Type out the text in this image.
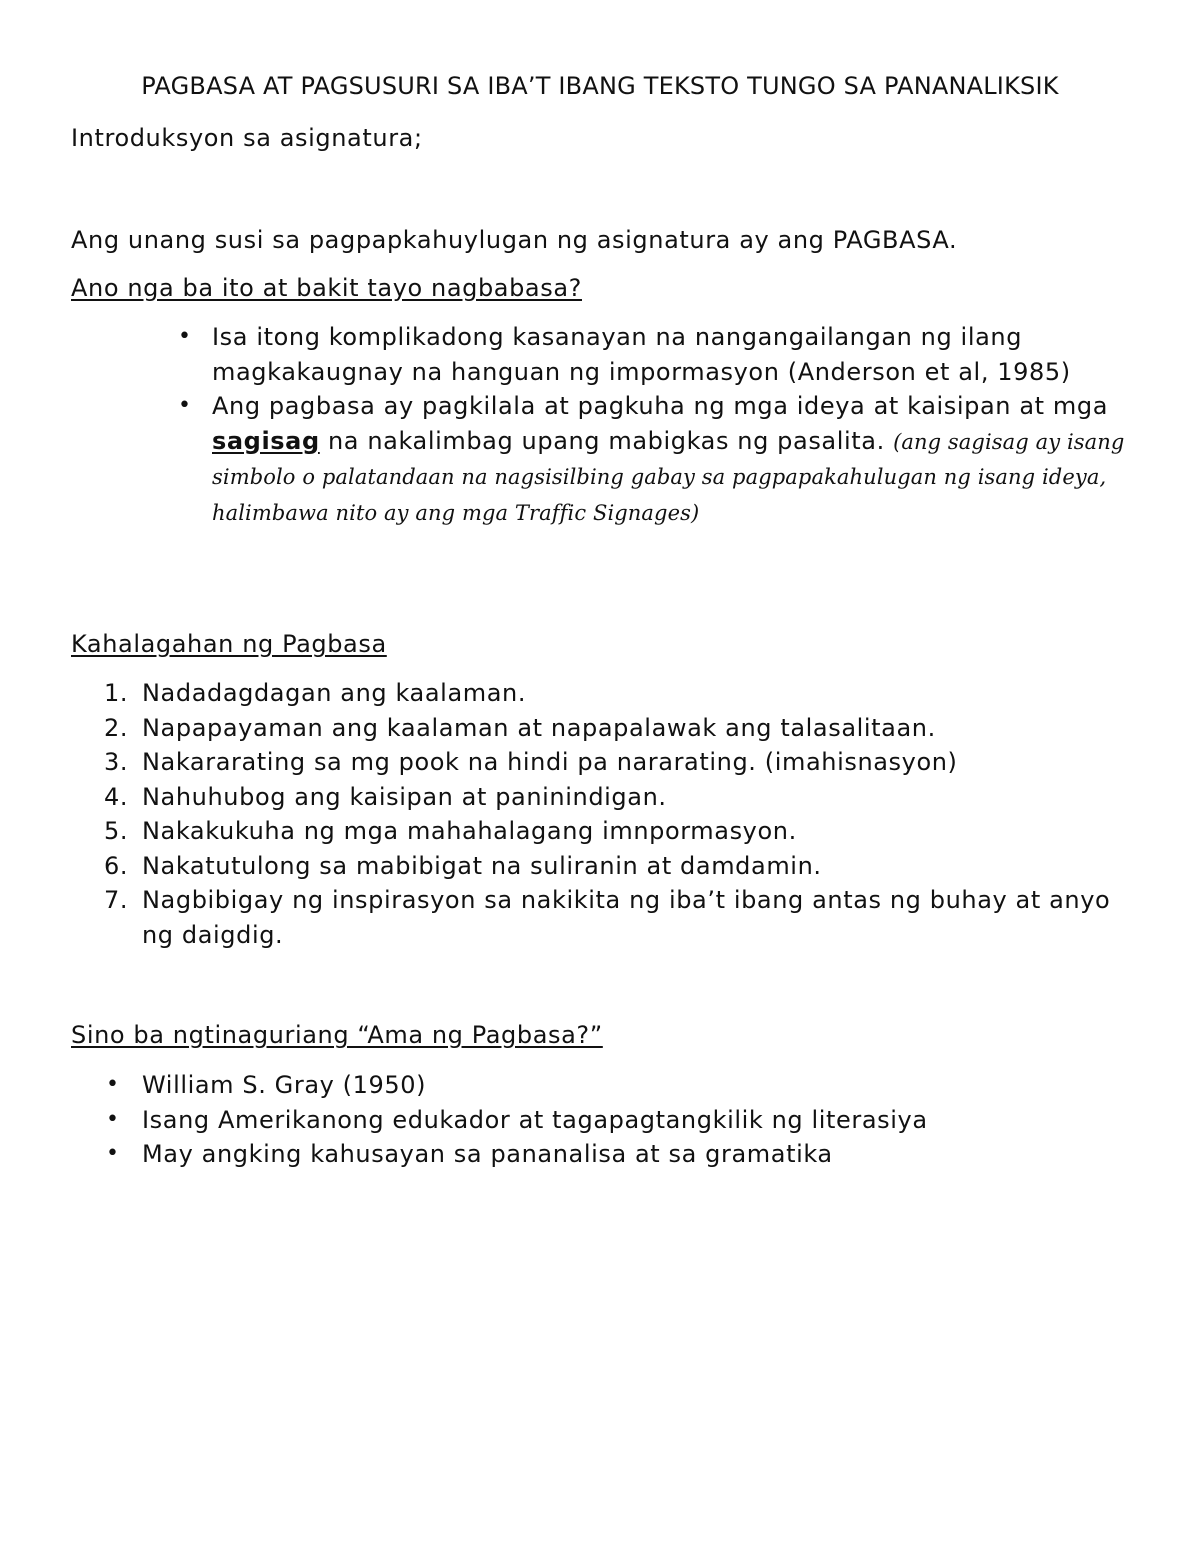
PAGBASA AT PAGSUSURI SA IBA’T IBANG TEKSTO TUNGO SA PANANALIKSIK
Introduksyon sa asignatura;
Ang unang susi sa pagpapkahuylugan ng asignatura ay ang PAGBASA.
Ano nga ba ito at bakit tayo nagbabasa?
• Isa itong komplikadong kasanayan na nangangailangan ng ilang magkakaugnay na hanguan ng impormasyon (Anderson et al, 1985)
• Ang pagbasa ay pagkilala at pagkuha ng mga ideya at kaisipan at mga sagisag na nakalimbag upang mabigkas ng pasalita. (ang sagisag ay isang simbolo o palatandaan na nagsisilbing gabay sa pagpapakahulugan ng isang ideya, halimbawa nito ay ang mga Traffic Signages)
Kahalagahan ng Pagbasa
1. Nadadagdagan ang kaalaman.
2. Napapayaman ang kaalaman at napapalawak ang talasalitaan.
3. Nakararating sa mg pook na hindi pa nararating. (imahisnasyon)
4. Nahuhubog ang kaisipan at paninindigan.
5. Nakakukuha ng mga mahahalagang imnpormasyon.
6. Nakatutulong sa mabibigat na suliranin at damdamin.
7. Nagbibigay ng inspirasyon sa nakikita ng iba’t ibang antas ng buhay at anyo ng daigdig.
Sino ba ngtinaguriang “Ama ng Pagbasa?”
• William S. Gray (1950)
• Isang Amerikanong edukador at tagapagtangkilik ng literasiya
• May angking kahusayan sa pananalisa at sa gramatika
